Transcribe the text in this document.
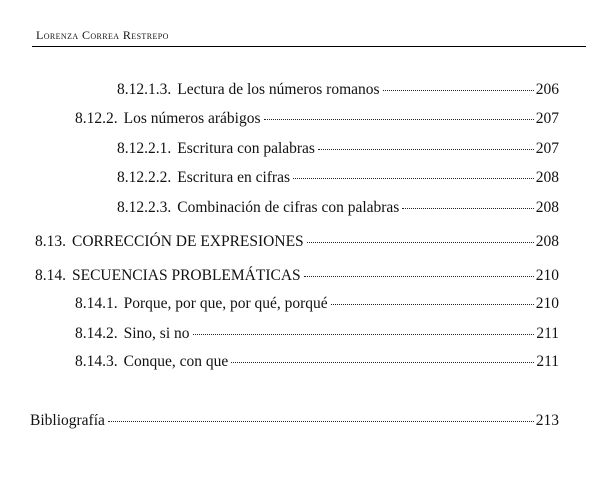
Lorenza Correa Restrepo
8.12.1.3. Lectura de los números romanos	206
8.12.2. Los números arábigos	207
8.12.2.1. Escritura con palabras	207
8.12.2.2. Escritura en cifras	208
8.12.2.3. Combinación de cifras con palabras	208
8.13. CORRECCIÓN DE EXPRESIONES	208
8.14. SECUENCIAS PROBLEMÁTICAS	210
8.14.1. Porque, por que, por qué, porqué	210
8.14.2. Sino, si no	211
8.14.3. Conque, con que	211
Bibliografía	213
